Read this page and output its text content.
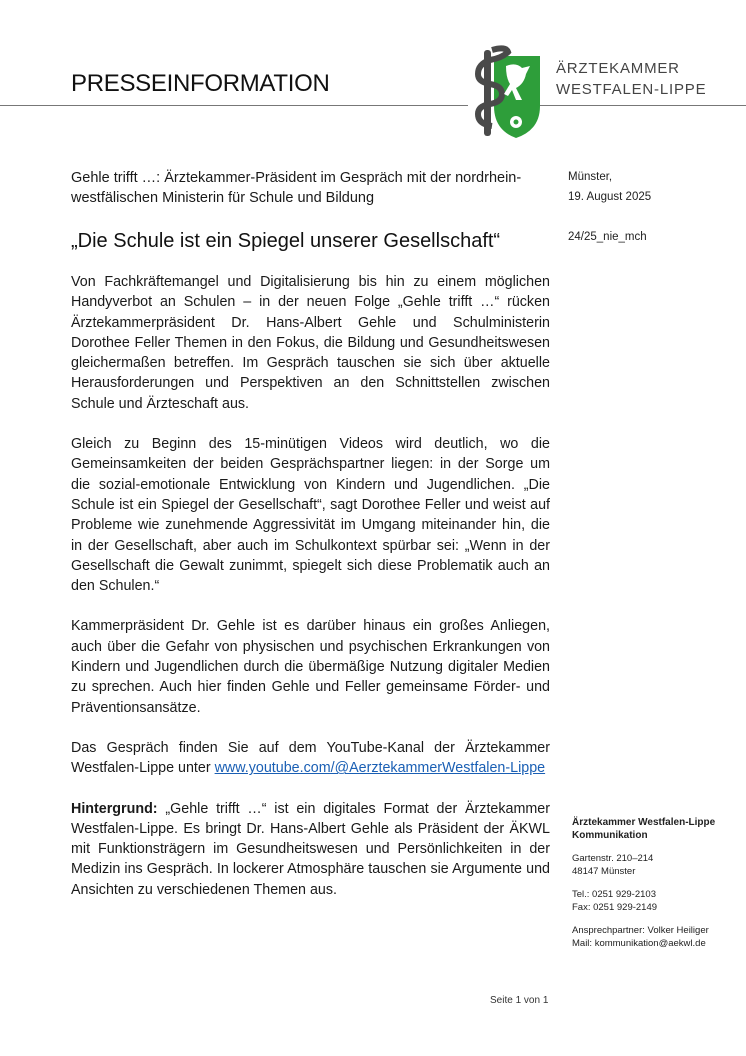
PRESSEINFORMATION
ÄRZTEKAMMER
WESTFALEN-LIPPE
Gehle trifft …: Ärztekammer-Präsident im Gespräch mit der nordrhein-westfälischen Ministerin für Schule und Bildung
„Die Schule ist ein Spiegel unserer Gesellschaft“
Münster,
19. August 2025
24/25_nie_mch

Von Fachkräftemangel und Digitalisierung bis hin zu einem möglichen Handyverbot an Schulen – in der neuen Folge „Gehle trifft …“ rücken Ärztekammerpräsident Dr. Hans-Albert Gehle und Schulministerin Dorothee Feller Themen in den Fokus, die Bildung und Gesundheitswesen gleichermaßen betreffen. Im Gespräch tauschen sie sich über aktuelle Herausforderungen und Perspektiven an den Schnittstellen zwischen Schule und Ärzteschaft aus.

Gleich zu Beginn des 15-minütigen Videos wird deutlich, wo die Gemeinsamkeiten der beiden Gesprächspartner liegen: in der Sorge um die sozial-emotionale Entwicklung von Kindern und Jugendlichen. „Die Schule ist ein Spiegel der Gesellschaft“, sagt Dorothee Feller und weist auf Probleme wie zunehmende Aggressivität im Umgang miteinander hin, die in der Gesellschaft, aber auch im Schulkontext spürbar sei: „Wenn in der Gesellschaft die Gewalt zunimmt, spiegelt sich diese Problematik auch an den Schulen.“

Kammerpräsident Dr. Gehle ist es darüber hinaus ein großes Anliegen, auch über die Gefahr von physischen und psychischen Erkrankungen von Kindern und Jugendlichen durch die übermäßige Nutzung digitaler Medien zu sprechen. Auch hier finden Gehle und Feller gemeinsame Förder- und Präventionsansätze.

Das Gespräch finden Sie auf dem YouTube-Kanal der Ärztekammer Westfalen-Lippe unter www.youtube.com/@AerztekammerWestfalen-Lippe

Hintergrund: „Gehle trifft …“ ist ein digitales Format der Ärztekammer Westfalen-Lippe. Es bringt Dr. Hans-Albert Gehle als Präsident der ÄKWL mit Funktionsträgern im Gesundheitswesen und Persönlichkeiten in der Medizin ins Gespräch. In lockerer Atmosphäre tauschen sie Argumente und Ansichten zu verschiedenen Themen aus.

Ärztekammer Westfalen-Lippe
Kommunikation

Gartenstr. 210–214
48147 Münster

Tel.: 0251 929-2103
Fax: 0251 929-2149

Ansprechpartner: Volker Heiliger
Mail: kommunikation@aekwl.de

Seite 1 von 1
